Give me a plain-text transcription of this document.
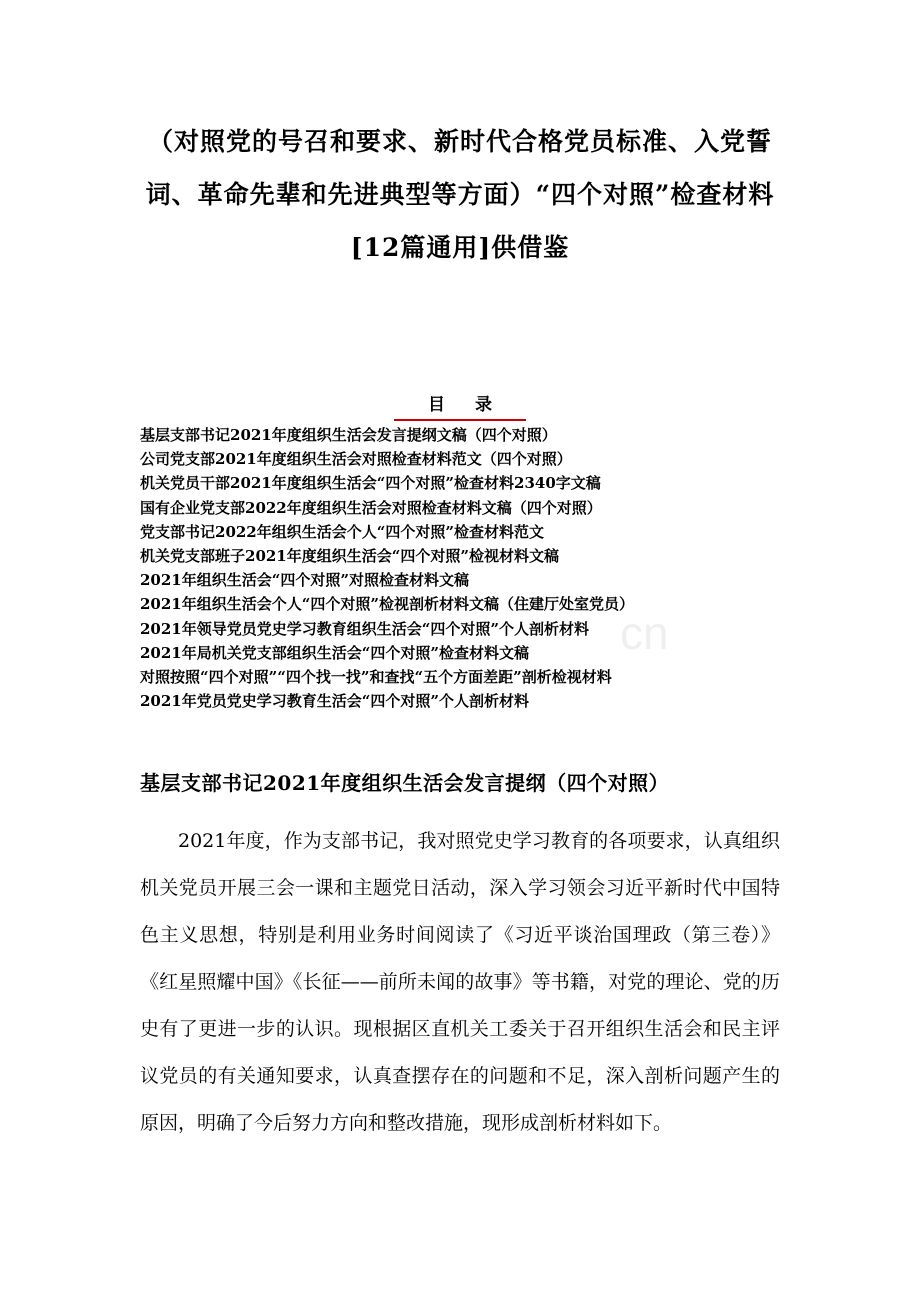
（对照党的号召和要求、新时代合格党员标准、入党誓词、革命先辈和先进典型等方面）“四个对照”检查材料[12篇通用]供借鉴
目录
基层支部书记2021年度组织生活会发言提纲文稿（四个对照）
公司党支部2021年度组织生活会对照检查材料范文（四个对照）
机关党员干部2021年度组织生活会“四个对照”检查材料2340字文稿
国有企业党支部2022年度组织生活会对照检查材料文稿（四个对照）
党支部书记2022年组织生活会个人“四个对照”检查材料范文
机关党支部班子2021年度组织生活会“四个对照”检视材料文稿
2021年组织生活会“四个对照”对照检查材料文稿
2021年组织生活会个人“四个对照”检视剖析材料文稿（住建厅处室党员）
2021年领导党员党史学习教育组织生活会“四个对照”个人剖析材料
2021年局机关党支部组织生活会“四个对照”检查材料文稿
对照按照“四个对照”“四个找一找”和查找“五个方面差距”剖析检视材料
2021年党员党史学习教育生活会“四个对照”个人剖析材料
基层支部书记2021年度组织生活会发言提纲（四个对照）

2021年度，作为支部书记，我对照党史学习教育的各项要求，认真组织机关党员开展三会一课和主题党日活动，深入学习领会习近平新时代中国特色主义思想，特别是利用业务时间阅读了《习近平谈治国理政（第三卷）》《红星照耀中国》《长征——前所未闻的故事》等书籍，对党的理论、党的历史有了更进一步的认识。现根据区直机关工委关于召开组织生活会和民主评议党员的有关通知要求，认真查摆存在的问题和不足，深入剖析问题产生的原因，明确了今后努力方向和整改措施，现形成剖析材料如下。

cn
